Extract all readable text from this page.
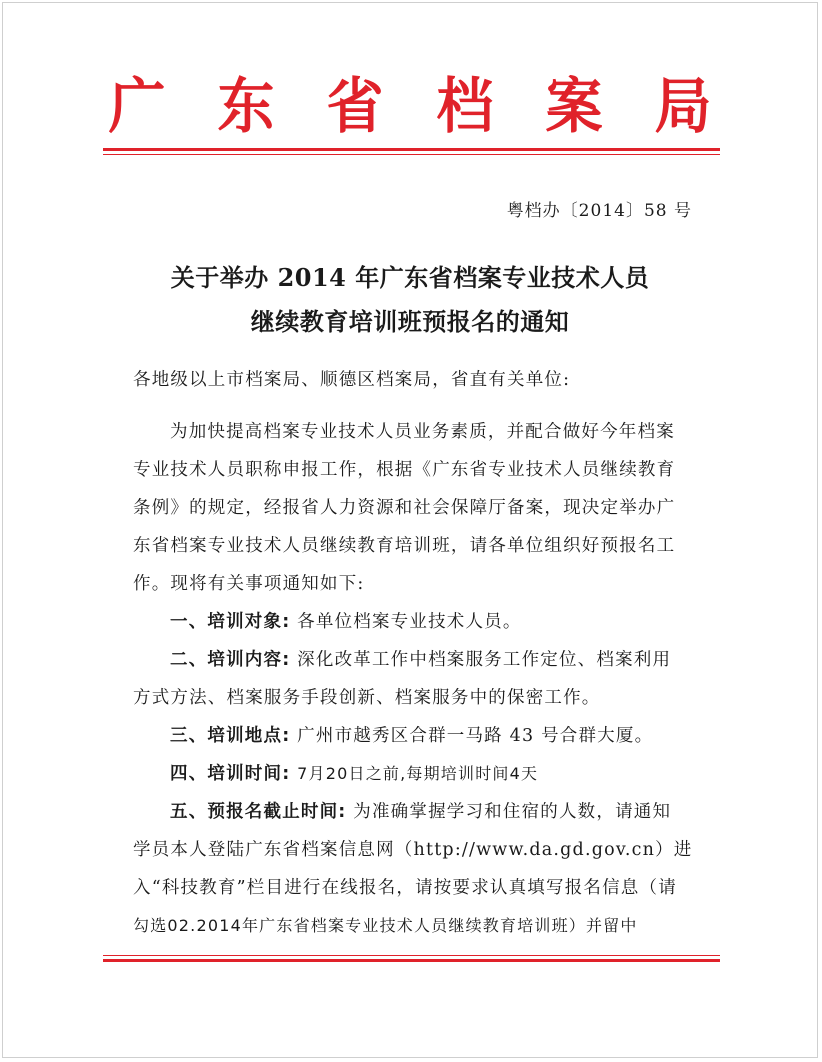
广 东 省 档 案 局
粤档办〔2014〕58 号
关于举办 2014 年广东省档案专业技术人员
继续教育培训班预报名的通知
各地级以上市档案局、顺德区档案局，省直有关单位:
为加快提高档案专业技术人员业务素质，并配合做好今年档案
专业技术人员职称申报工作，根据《广东省专业技术人员继续教育
条例》的规定，经报省人力资源和社会保障厅备案，现决定举办广
东省档案专业技术人员继续教育培训班，请各单位组织好预报名工
作。现将有关事项通知如下:
一、培训对象: 各单位档案专业技术人员。
二、培训内容: 深化改革工作中档案服务工作定位、档案利用
方式方法、档案服务手段创新、档案服务中的保密工作。
三、培训地点: 广州市越秀区合群一马路 43 号合群大厦。
四、培训时间: 7月20日之前,每期培训时间4天
五、预报名截止时间: 为准确掌握学习和住宿的人数，请通知
学员本人登陆广东省档案信息网（http://www.da.gd.gov.cn）进
入“科技教育”栏目进行在线报名，请按要求认真填写报名信息（请
勾选02.2014年广东省档案专业技术人员继续教育培训班）并留中
